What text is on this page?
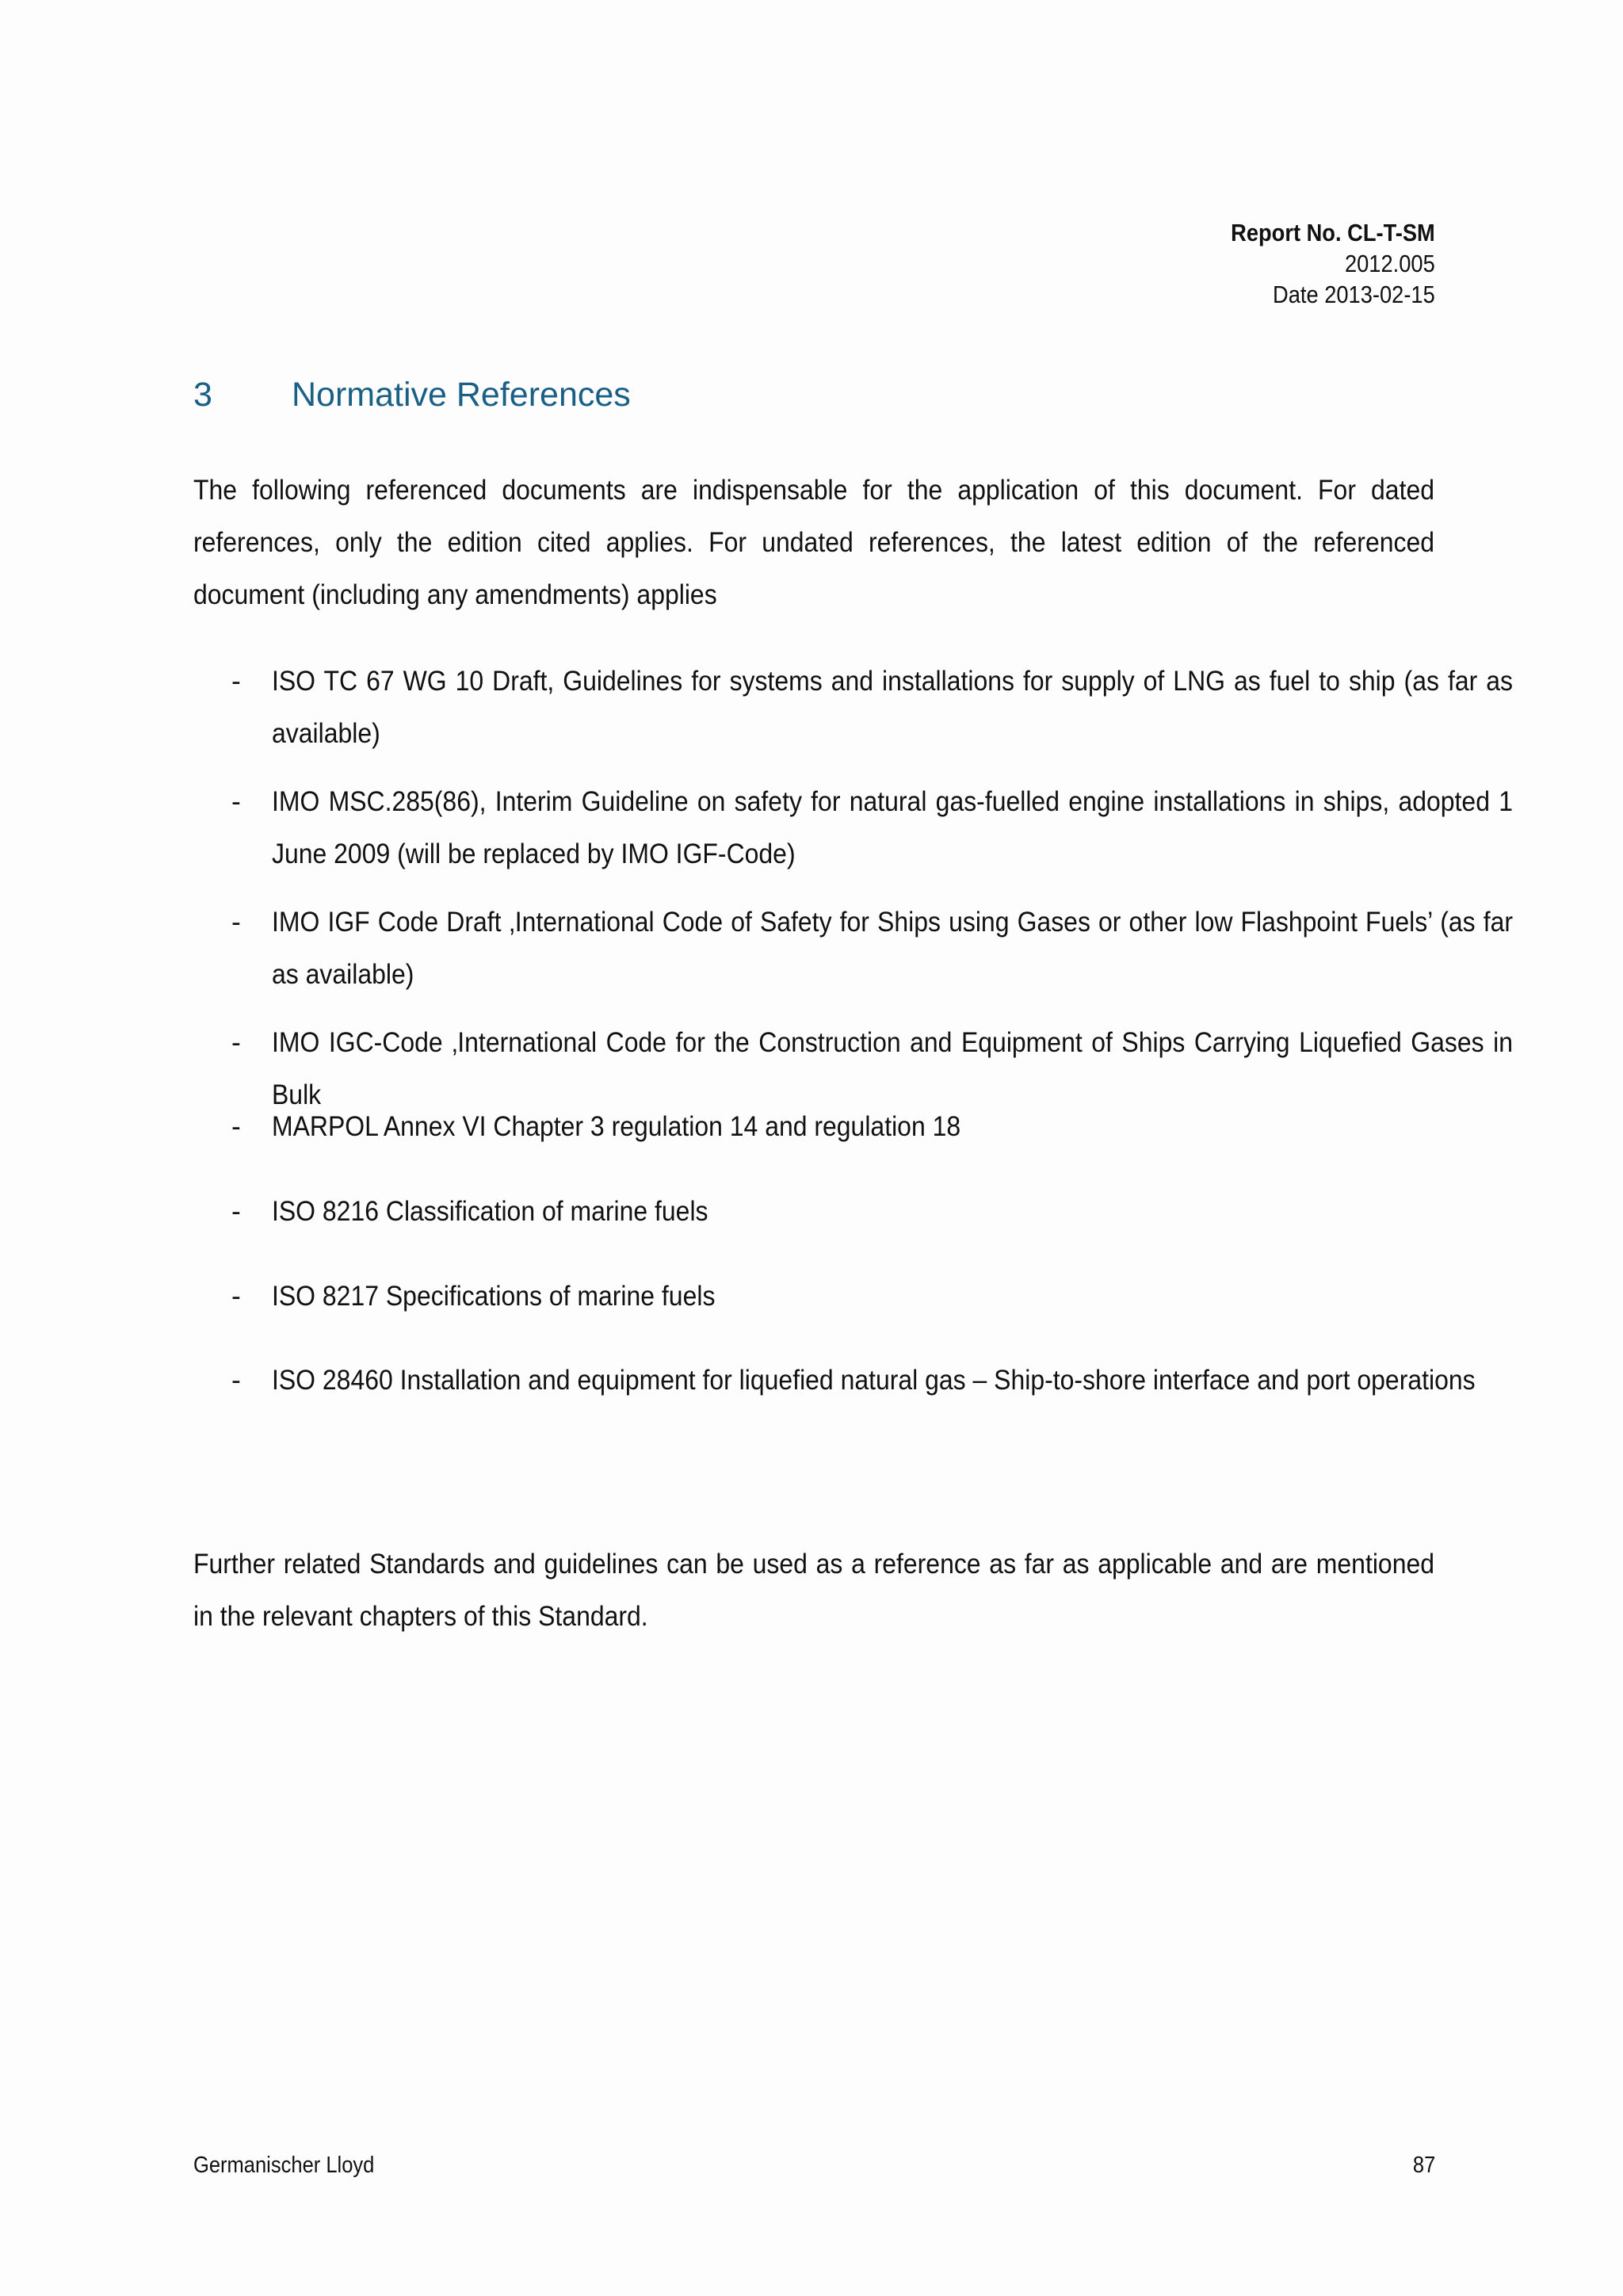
Report No. CL-T-SM
2012.005
Date 2013-02-15
3	Normative References
The following referenced documents are indispensable for the application of this document. For dated references, only the edition cited applies. For undated references, the latest edition of the referenced document (including any amendments) applies
- ISO TC 67 WG 10 Draft, Guidelines for systems and installations for supply of LNG as fuel to ship (as far as available)
- IMO MSC.285(86), Interim Guideline on safety for natural gas-fuelled engine installations in ships, adopted 1 June 2009 (will be replaced by IMO IGF-Code)
- IMO IGF Code Draft ‚International Code of Safety for Ships using Gases or other low Flashpoint Fuels’ (as far as available)
- IMO IGC-Code ‚International Code for the Construction and Equipment of Ships Carrying Liquefied Gases in Bulk
- MARPOL Annex VI Chapter 3 regulation 14 and regulation 18
- ISO 8216 Classification of marine fuels
- ISO 8217 Specifications of marine fuels
- ISO 28460 Installation and equipment for liquefied natural gas – Ship-to-shore interface and port operations
Further related Standards and guidelines can be used as a reference as far as applicable and are mentioned in the relevant chapters of this Standard.
Germanischer Lloyd	87
